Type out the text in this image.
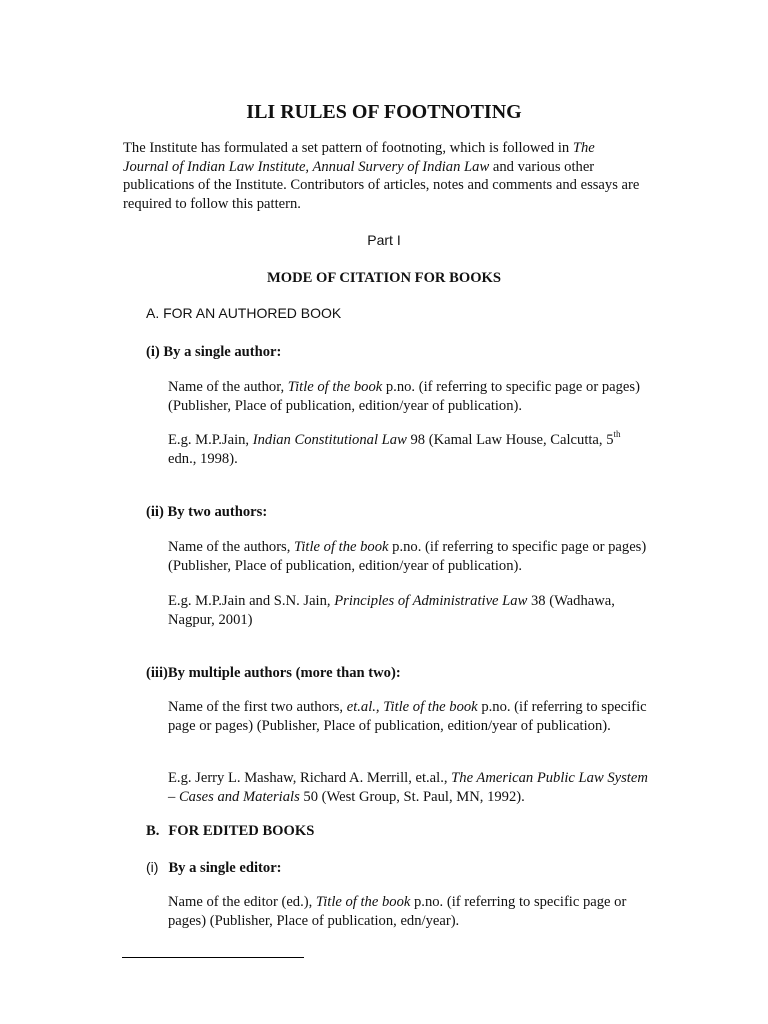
ILI RULES OF FOOTNOTING

The Institute has formulated a set pattern of footnoting, which is followed in The Journal of Indian Law Institute, Annual Survery of Indian Law and various other publications of the Institute. Contributors of articles, notes and comments and essays are required to follow this pattern.

Part I

MODE OF CITATION FOR BOOKS

A. FOR AN AUTHORED BOOK

(i) By a single author:

Name of the author, Title of the book p.no. (if referring to specific page or pages) (Publisher, Place of publication, edition/year of publication).

E.g. M.P.Jain, Indian Constitutional Law 98 (Kamal Law House, Calcutta, 5th edn., 1998).

(ii) By two authors:

Name of the authors, Title of the book p.no. (if referring to specific page or pages) (Publisher, Place of publication, edition/year of publication).

E.g. M.P.Jain and S.N. Jain, Principles of Administrative Law 38 (Wadhawa, Nagpur, 2001)

(iii)By multiple authors (more than two):

Name of the first two authors, et.al., Title of the book p.no. (if referring to specific page or pages) (Publisher, Place of publication, edition/year of publication).

E.g. Jerry L. Mashaw, Richard A. Merrill, et.al., The American Public Law System – Cases and Materials 50 (West Group, St. Paul, MN, 1992).

B. FOR EDITED BOOKS

(i) By a single editor:

Name of the editor (ed.), Title of the book p.no. (if referring to specific page or pages) (Publisher, Place of publication, edn/year).
